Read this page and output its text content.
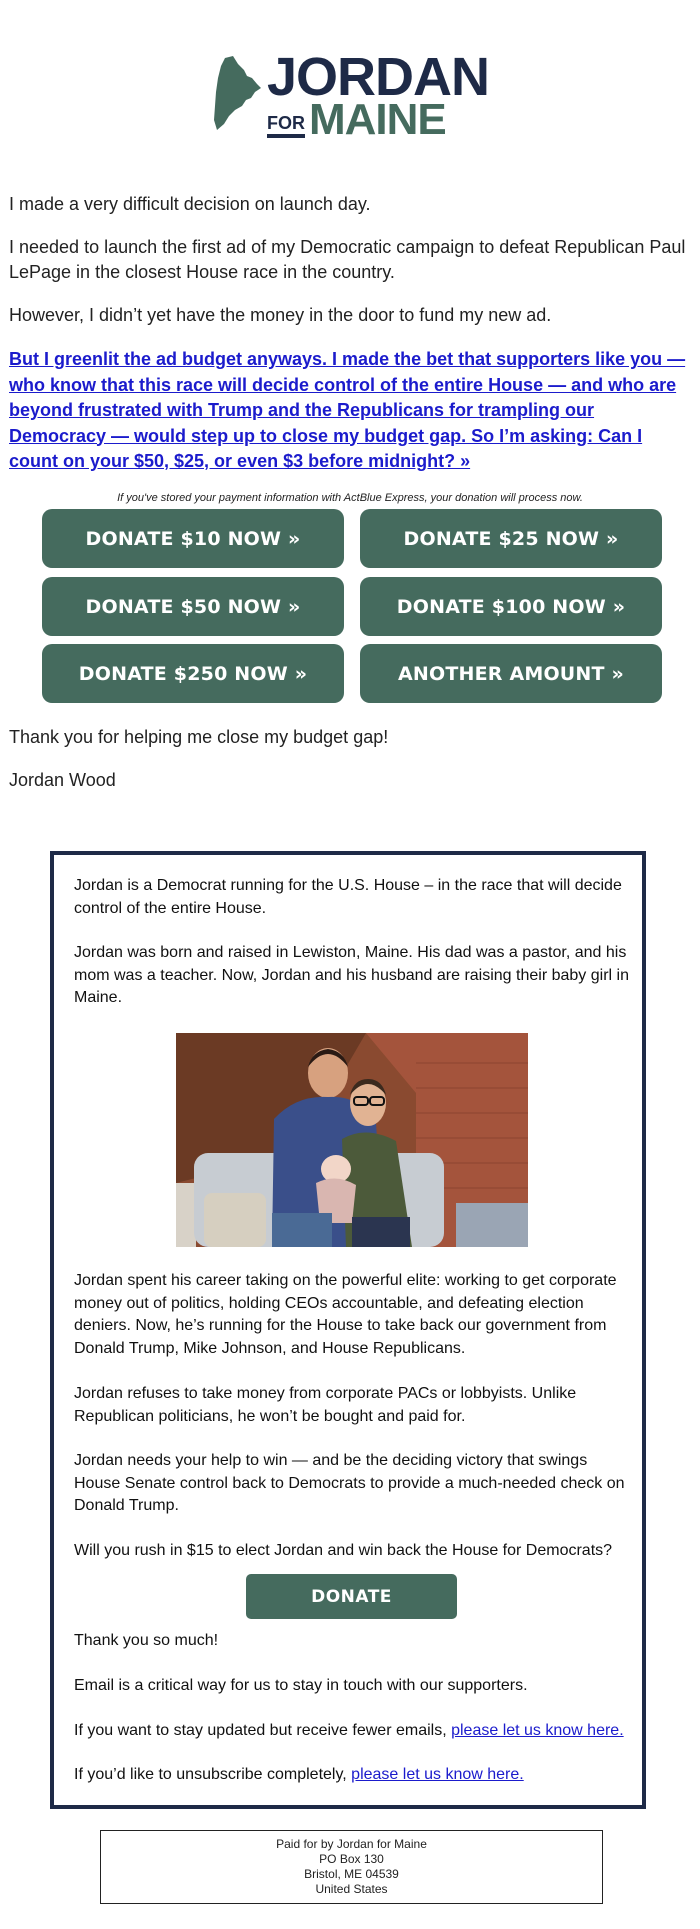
JORDAN
FOR MAINE
I made a very difficult decision on launch day.
I needed to launch the first ad of my Democratic campaign to defeat Republican Paul LePage in the closest House race in the country.
However, I didn’t yet have the money in the door to fund my new ad.
But I greenlit the ad budget anyways. I made the bet that supporters like you — who know that this race will decide control of the entire House — and who are beyond frustrated with Trump and the Republicans for trampling our Democracy — would step up to close my budget gap. So I’m asking: Can I count on your $50, $25, or even $3 before midnight? »
If you've stored your payment information with ActBlue Express, your donation will process now.
DONATE $10 NOW »	DONATE $25 NOW »
DONATE $50 NOW »	DONATE $100 NOW »
DONATE $250 NOW »	ANOTHER AMOUNT »
Thank you for helping me close my budget gap!
Jordan Wood
Jordan is a Democrat running for the U.S. House – in the race that will decide control of the entire House.
Jordan was born and raised in Lewiston, Maine. His dad was a pastor, and his mom was a teacher. Now, Jordan and his husband are raising their baby girl in Maine.
Jordan spent his career taking on the powerful elite: working to get corporate money out of politics, holding CEOs accountable, and defeating election deniers. Now, he’s running for the House to take back our government from Donald Trump, Mike Johnson, and House Republicans.
Jordan refuses to take money from corporate PACs or lobbyists. Unlike Republican politicians, he won’t be bought and paid for.
Jordan needs your help to win — and be the deciding victory that swings House Senate control back to Democrats to provide a much-needed check on Donald Trump.
Will you rush in $15 to elect Jordan and win back the House for Democrats?
DONATE
Thank you so much!
Email is a critical way for us to stay in touch with our supporters.
If you want to stay updated but receive fewer emails, please let us know here.
If you’d like to unsubscribe completely, please let us know here.
Paid for by Jordan for Maine
PO Box 130
Bristol, ME 04539
United States
